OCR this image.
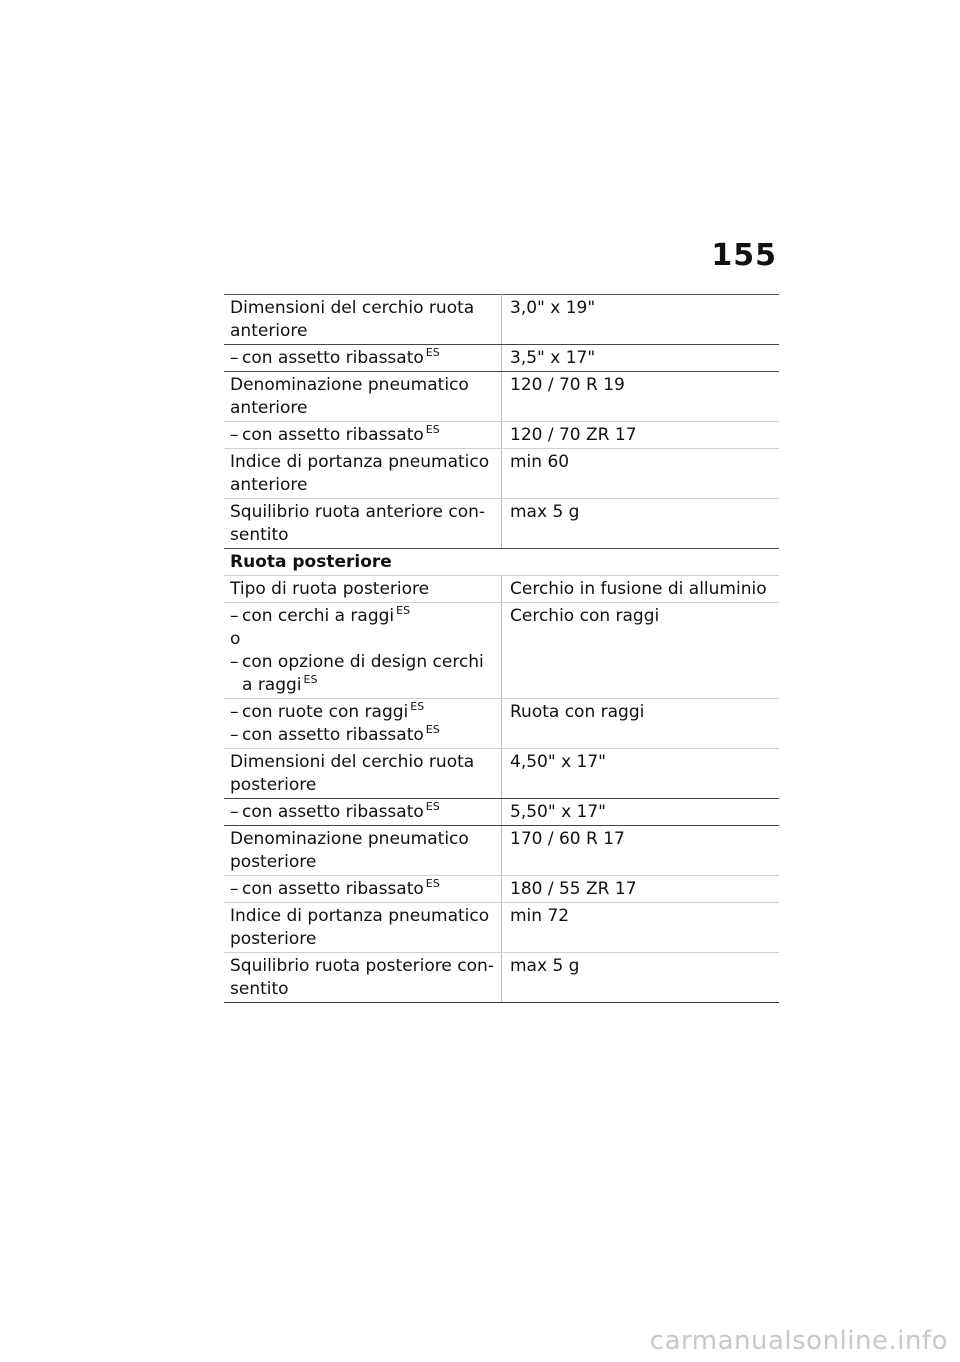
155
Dimensioni del cerchio ruota anteriore	3,0" x 19"
– con assetto ribassato $^{ES}$	3,5" x 17"
Denominazione pneumatico anteriore	120 / 70 R 19
– con assetto ribassato $^{ES}$	120 / 70 ZR 17
Indice di portanza pneumatico anteriore	min 60
Squilibrio ruota anteriore con-sentito	max 5 g
Ruota posteriore	
Tipo di ruota posteriore	Cerchio in fusione di alluminio

– con cerchi a raggi $^{ES}$
o
– con opzione di design cerchi
a raggi $^{ES}$	Cerchio con raggi

– con ruote con raggi $^{ES}$
– con assetto ribassato $^{ES}$	Ruota con raggi
Dimensioni del cerchio ruota posteriore	4,50" x 17"
– con assetto ribassato $^{ES}$	5,50" x 17"
Denominazione pneumatico posteriore	170 / 60 R 17
– con assetto ribassato $^{ES}$	180 / 55 ZR 17
Indice di portanza pneumatico posteriore	min 72
Squilibrio ruota posteriore con-sentito	max 5 g
carmanualsonline.info
